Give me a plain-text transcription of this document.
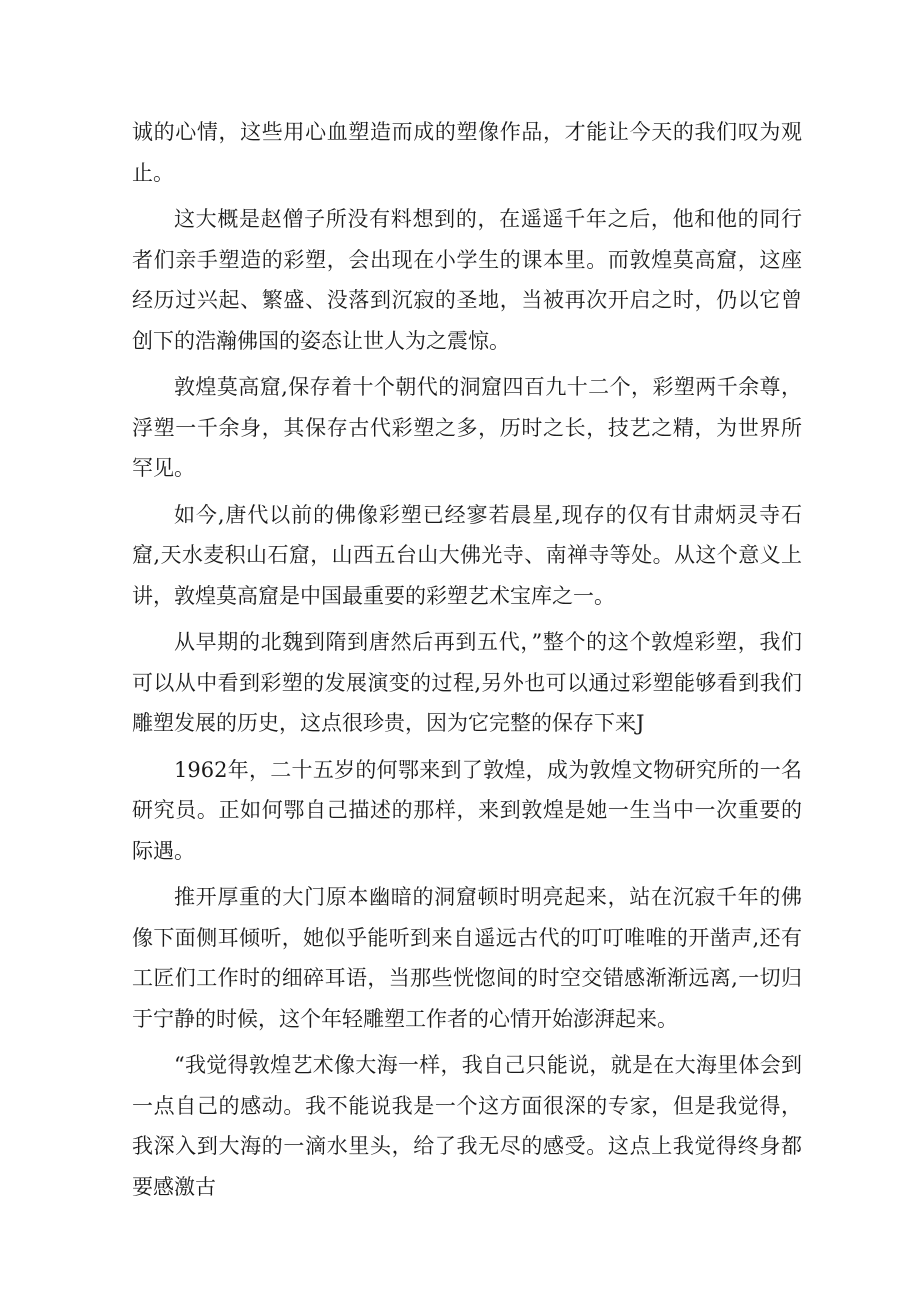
诚的心情，这些用心血塑造而成的塑像作品，才能让今天的我们叹为观止。

这大概是赵僧子所没有料想到的，在遥遥千年之后，他和他的同行者们亲手塑造的彩塑，会出现在小学生的课本里。而敦煌莫高窟，这座经历过兴起、繁盛、没落到沉寂的圣地，当被再次开启之时，仍以它曾创下的浩瀚佛国的姿态让世人为之震惊。

敦煌莫高窟,保存着十个朝代的洞窟四百九十二个，彩塑两千余尊，浮塑一千余身，其保存古代彩塑之多，历时之长，技艺之精，为世界所罕见。

如今,唐代以前的佛像彩塑已经寥若晨星,现存的仅有甘肃炳灵寺石窟,天水麦积山石窟，山西五台山大佛光寺、南禅寺等处。从这个意义上讲，敦煌莫高窟是中国最重要的彩塑艺术宝库之一。

从早期的北魏到隋到唐然后再到五代，”整个的这个敦煌彩塑，我们可以从中看到彩塑的发展演变的过程,另外也可以通过彩塑能够看到我们雕塑发展的历史，这点很珍贵，因为它完整的保存下来J

1962年，二十五岁的何鄂来到了敦煌，成为敦煌文物研究所的一名研究员。正如何鄂自己描述的那样，来到敦煌是她一生当中一次重要的际遇。

推开厚重的大门原本幽暗的洞窟顿时明亮起来，站在沉寂千年的佛像下面侧耳倾听，她似乎能听到来自遥远古代的叮叮唯唯的开凿声,还有工匠们工作时的细碎耳语，当那些恍惚间的时空交错感渐渐远离,一切归于宁静的时候，这个年轻雕塑工作者的心情开始澎湃起来。

“我觉得敦煌艺术像大海一样，我自己只能说，就是在大海里体会到一点自己的感动。我不能说我是一个这方面很深的专家，但是我觉得，我深入到大海的一滴水里头，给了我无尽的感受。这点上我觉得终身都要感激古
